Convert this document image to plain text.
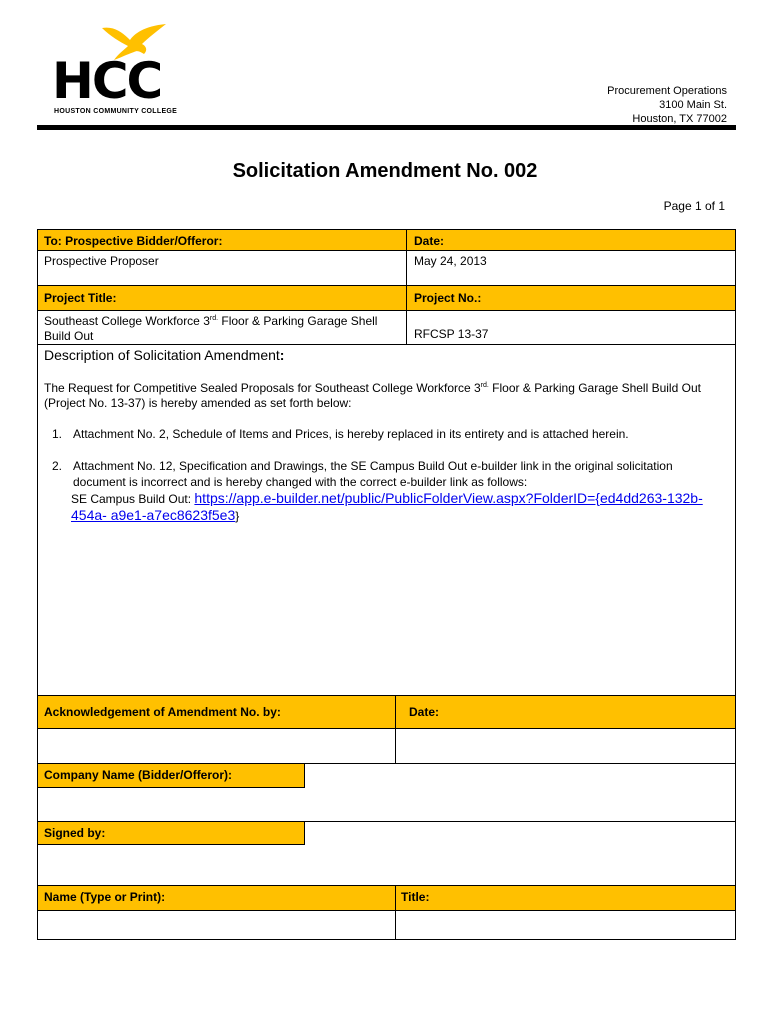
HCC
HOUSTON COMMUNITY COLLEGE
Procurement Operations
3100 Main St.
Houston, TX 77002
Solicitation Amendment No. 002
Page 1 of 1
To: Prospective Bidder/Offeror:	Date:
Prospective Proposer	May 24, 2013
Project Title:	Project No.:
Southeast College Workforce $3^{rd.}$ Floor & Parking Garage Shell
Build Out	RFCSP 13-37
Description of Solicitation Amendment:
The Request for Competitive Sealed Proposals for Southeast College Workforce $3^{rd.}$ Floor & Parking Garage Shell Build Out
(Project No. 13-37) is hereby amended as set forth below:
1. Attachment No. 2, Schedule of Items and Prices, is hereby replaced in its entirety and is attached herein.
2. Attachment No. 12, Specification and Drawings, the SE Campus Build Out e-builder link in the original solicitation
document is incorrect and is hereby changed with the correct e-builder link as follows:
SE Campus Build Out: https://app.e-builder.net/public/PublicFolderView.aspx?FolderID={ed4dd263-132b-
454a- a9e1-a7ec8623f5e3}
Acknowledgement of Amendment No. by:	Date:
Company Name (Bidder/Offeror):
Signed by:
Name (Type or Print):	Title:
